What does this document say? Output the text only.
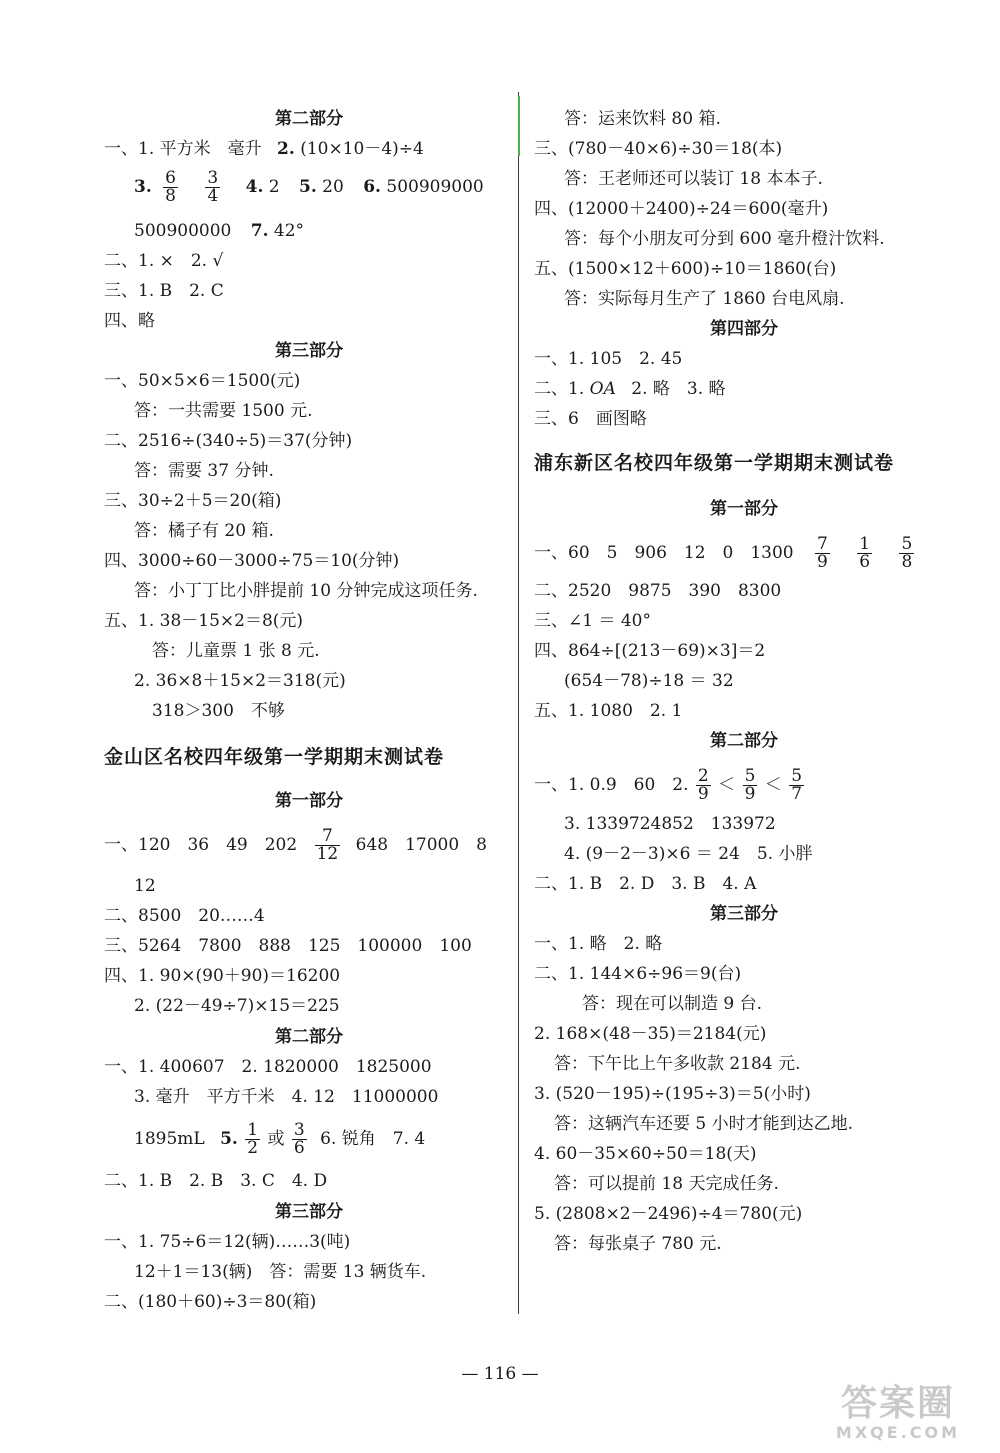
第二部分
一、1. 平方米　毫升 2. (10×10－4)÷4
3. $\frac{6}{8}$
$\frac{3}{4} 4$. 2 5. 20 6. 500909000
500900000 7. 42°
二、1. ×　2. √
三、1. B　2. C
四、略
第三部分
一、50×5×6＝1500(元)
答：一共需要 1500 元.
二、2516÷(340÷5)＝37(分钟)
答：需要 37 分钟.
三、30÷2＋5＝20(箱)
答：橘子有 20 箱.
四、3000÷60－3000÷75＝10(分钟)
答：小丁丁比小胖提前 10 分钟完成这项任务.
五、1. 38－15×2＝8(元)
答：儿童票 1 张 8 元.
2. 36×8＋15×2＝318(元)
318＞300　不够
金山区名校四年级第一学期期末测试卷
第一部分
一、120　36　49　$202 \frac{7}{12} 648$　17000　8
12
二、8500　20……4
三、5264　7800　888　125　100000　100
四、1. 90×(90＋90)＝16200
2. (22－49÷7)×15＝225
第二部分
一、1. 400607　2. 1820000　1825000
3. 毫升　平方千米　4. 12　11000000
1895mL 5. $\frac{1}{2}$ 或 $\frac{3}{6} 6$. 锐角　7. 4
二、1. B　2. B　3. C　4. D
第三部分
一、1. 75÷6＝12(辆)……3(吨)
12＋1＝13(辆)　答：需要 13 辆货车.
二、(180＋60)÷3＝80(箱)
答：运来饮料 80 箱.
三、(780－40×6)÷30＝18(本)
答：王老师还可以装订 18 本本子.
四、(12000＋2400)÷24＝600(毫升)
答：每个小朋友可分到 600 毫升橙汁饮料.
五、(1500×12＋600)÷10＝1860(台)
答：实际每月生产了 1860 台电风扇.
第四部分
一、1. 105　2. 45
二、1. OA 2. 略　3. 略
三、6　画图略
浦东新区名校四年级第一学期期末测试卷
第一部分
一、60　5　906　12　0　$1300 \frac{7}{9}$
$\frac{1}{6}$
$\frac{5}{8}$
二、2520　9875　390　8300
三、∠1 ＝ 40°
四、864÷[(213－69)×3]＝2
(654－78)÷18 ＝ 32
五、1. 1080　2. 1
第二部分
一、1. 0.9　60　2. $\frac{2}{9} < \frac{5}{9} < \frac{5}{7}$
3. 1339724852　133972
4. (9－2－3)×6 ＝ 24　5. 小胖
二、1. B　2. D　3. B　4. A
第三部分
一、1. 略　2. 略
二、1. 144×6÷96＝9(台)
答：现在可以制造 9 台.
2. 168×(48－35)＝2184(元)
答：下午比上午多收款 2184 元.
3. (520－195)÷(195÷3)＝5(小时)
答：这辆汽车还要 5 小时才能到达乙地.
4. 60－35×60÷50＝18(天)
答：可以提前 18 天完成任务.
5. (2808×2－2496)÷4＝780(元)
答：每张桌子 780 元.
— 116 —
答案圈
MXQE.COM
